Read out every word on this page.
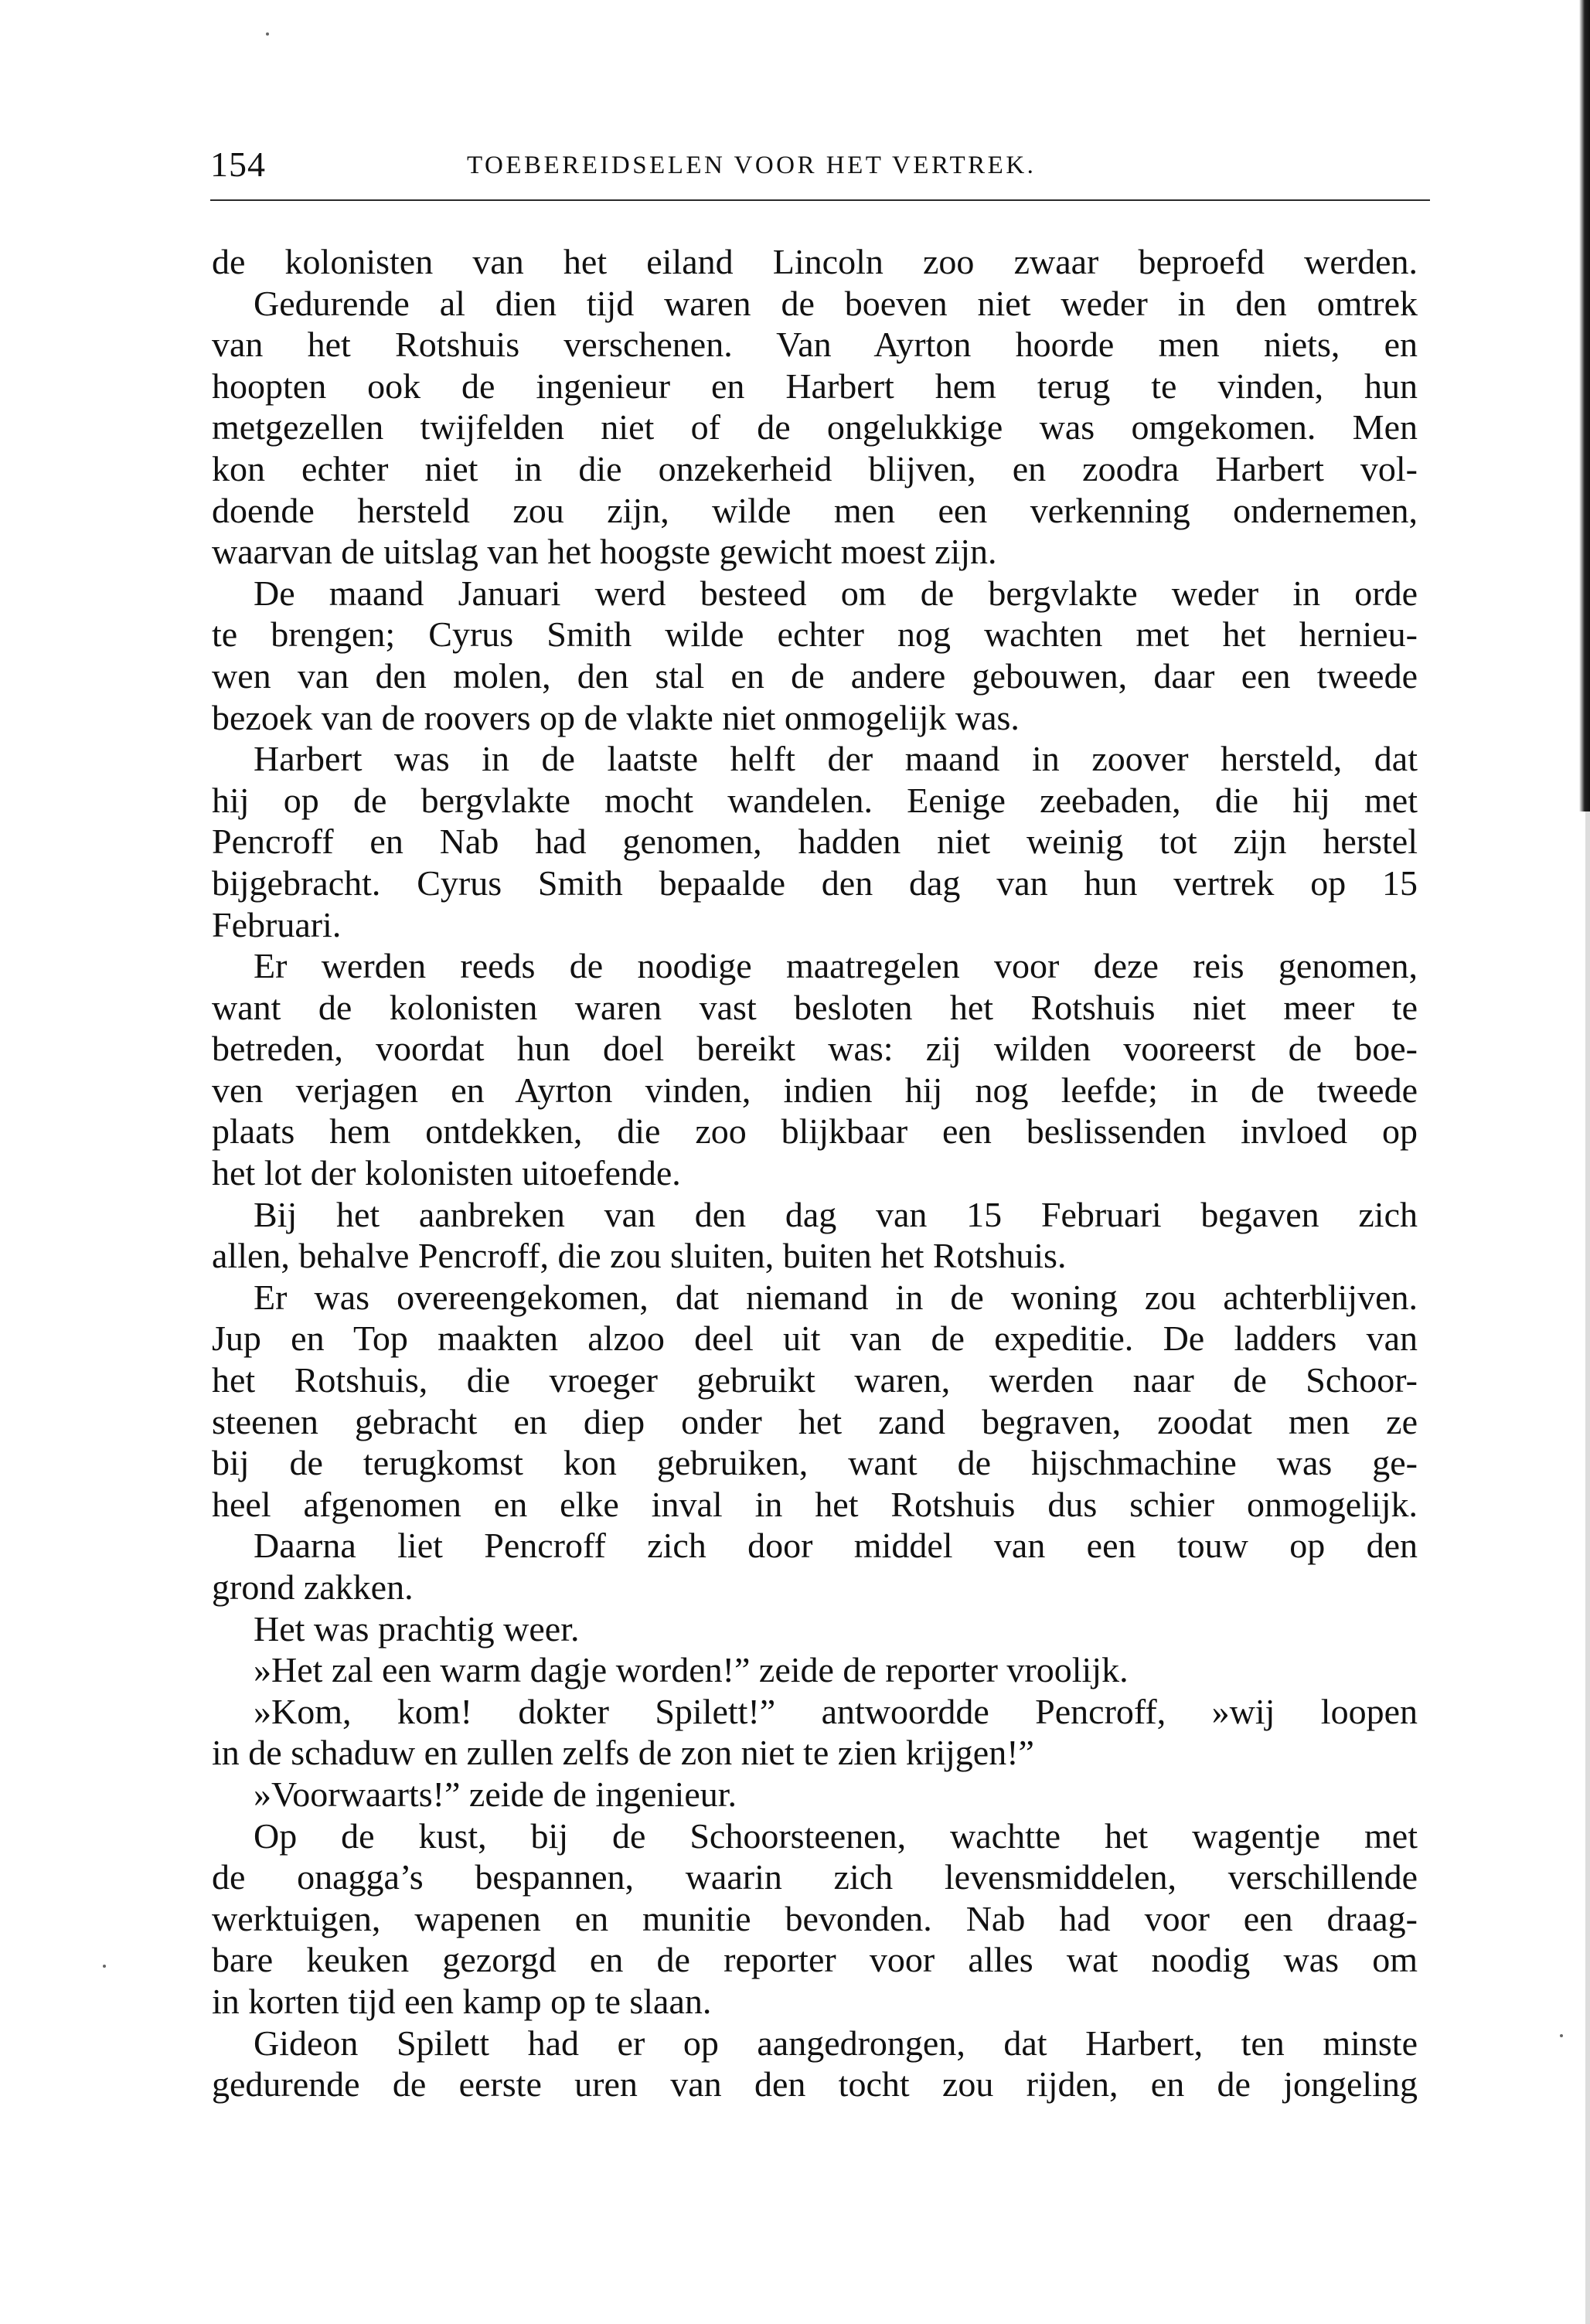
154	TOEBEREIDSELEN VOOR HET VERTREK.
de kolonisten van het eiland Lincoln zoo zwaar beproefd werden.
Gedurende al dien tijd waren de boeven niet weder in den omtrek
van het Rotshuis verschenen. Van Ayrton hoorde men niets, en
hoopten ook de ingenieur en Harbert hem terug te vinden, hun
metgezellen twijfelden niet of de ongelukkige was omgekomen. Men
kon echter niet in die onzekerheid blijven, en zoodra Harbert vol-
doende hersteld zou zijn, wilde men een verkenning ondernemen,
waarvan de uitslag van het hoogste gewicht moest zijn.
De maand Januari werd besteed om de bergvlakte weder in orde
te brengen; Cyrus Smith wilde echter nog wachten met het hernieu-
wen van den molen, den stal en de andere gebouwen, daar een tweede
bezoek van de roovers op de vlakte niet onmogelijk was.
Harbert was in de laatste helft der maand in zoover hersteld, dat
hij op de bergvlakte mocht wandelen. Eenige zeebaden, die hij met
Pencroff en Nab had genomen, hadden niet weinig tot zijn herstel
bijgebracht. Cyrus Smith bepaalde den dag van hun vertrek op 15
Februari.
Er werden reeds de noodige maatregelen voor deze reis genomen,
want de kolonisten waren vast besloten het Rotshuis niet meer te
betreden, voordat hun doel bereikt was: zij wilden vooreerst de boe-
ven verjagen en Ayrton vinden, indien hij nog leefde; in de tweede
plaats hem ontdekken, die zoo blijkbaar een beslissenden invloed op
het lot der kolonisten uitoefende.
Bij het aanbreken van den dag van 15 Februari begaven zich
allen, behalve Pencroff, die zou sluiten, buiten het Rotshuis.
Er was overeengekomen, dat niemand in de woning zou achterblijven.
Jup en Top maakten alzoo deel uit van de expeditie. De ladders van
het Rotshuis, die vroeger gebruikt waren, werden naar de Schoor-
steenen gebracht en diep onder het zand begraven, zoodat men ze
bij de terugkomst kon gebruiken, want de hijschmachine was ge-
heel afgenomen en elke inval in het Rotshuis dus schier onmogelijk.
Daarna liet Pencroff zich door middel van een touw op den
grond zakken.
Het was prachtig weer.
»Het zal een warm dagje worden!” zeide de reporter vroolijk.
»Kom, kom! dokter Spilett!” antwoordde Pencroff, »wij loopen
in de schaduw en zullen zelfs de zon niet te zien krijgen!”
»Voorwaarts!” zeide de ingenieur.
Op de kust, bij de Schoorsteenen, wachtte het wagentje met
de onagga’s bespannen, waarin zich levensmiddelen, verschillende
werktuigen, wapenen en munitie bevonden. Nab had voor een draag-
bare keuken gezorgd en de reporter voor alles wat noodig was om
in korten tijd een kamp op te slaan.
Gideon Spilett had er op aangedrongen, dat Harbert, ten minste
gedurende de eerste uren van den tocht zou rijden, en de jongeling
